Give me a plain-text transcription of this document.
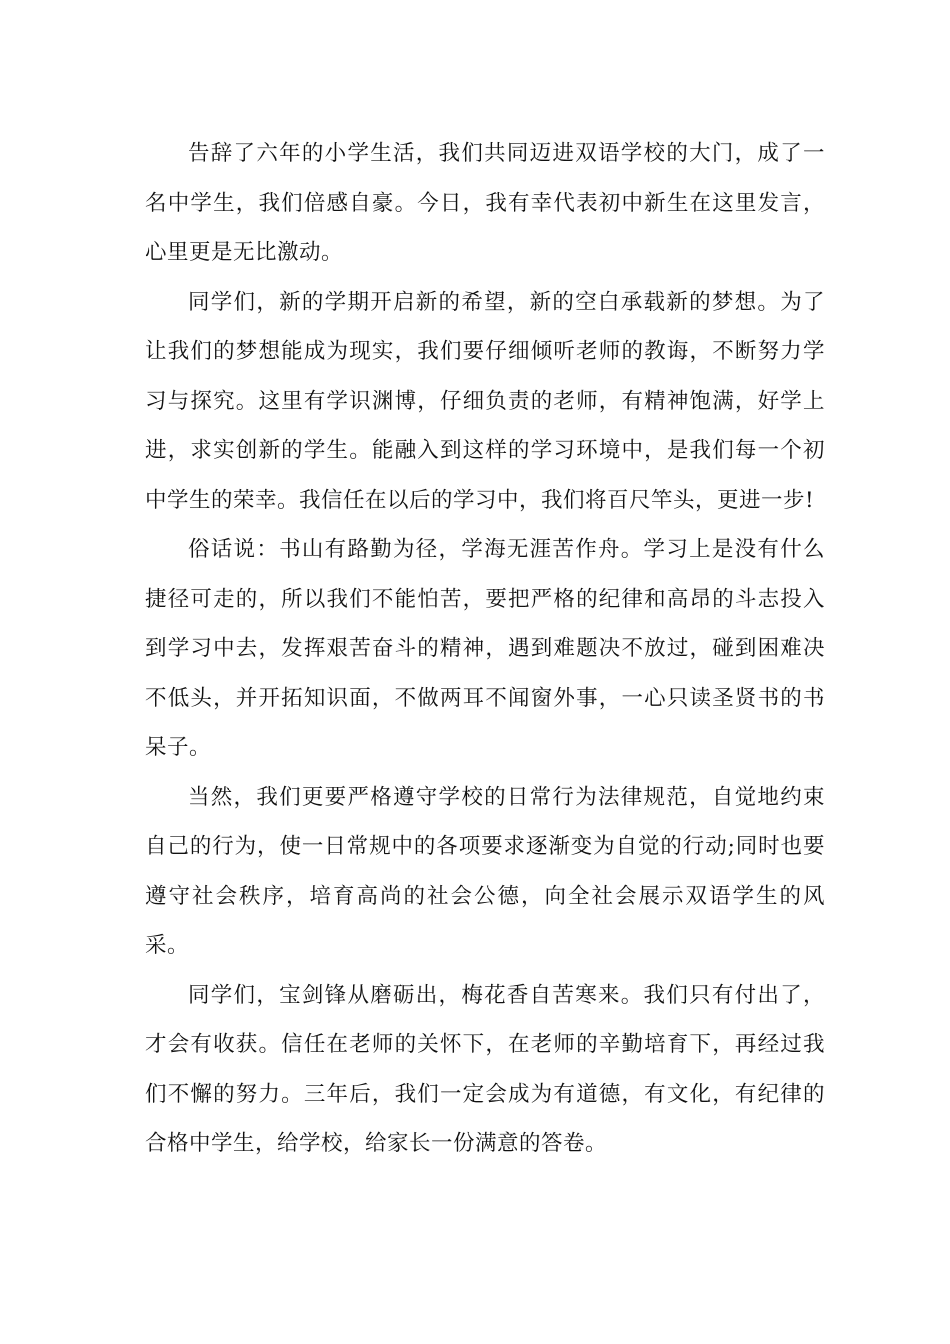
告辞了六年的小学生活，我们共同迈进双语学校的大门，成了一名中学生，我们倍感自豪。今日，我有幸代表初中新生在这里发言，心里更是无比激动。

同学们，新的学期开启新的希望，新的空白承载新的梦想。为了让我们的梦想能成为现实，我们要仔细倾听老师的教诲，不断努力学习与探究。这里有学识渊博，仔细负责的老师，有精神饱满，好学上进，求实创新的学生。能融入到这样的学习环境中，是我们每一个初中学生的荣幸。我信任在以后的学习中，我们将百尺竿头，更进一步!

俗话说：书山有路勤为径，学海无涯苦作舟。学习上是没有什么捷径可走的，所以我们不能怕苦，要把严格的纪律和高昂的斗志投入到学习中去，发挥艰苦奋斗的精神，遇到难题决不放过，碰到困难决不低头，并开拓知识面，不做两耳不闻窗外事，一心只读圣贤书的书呆子。

当然，我们更要严格遵守学校的日常行为法律规范，自觉地约束自己的行为，使一日常规中的各项要求逐渐变为自觉的行动;同时也要遵守社会秩序，培育高尚的社会公德，向全社会展示双语学生的风采。

同学们，宝剑锋从磨砺出，梅花香自苦寒来。我们只有付出了，才会有收获。信任在老师的关怀下，在老师的辛勤培育下，再经过我们不懈的努力。三年后，我们一定会成为有道德，有文化，有纪律的合格中学生，给学校，给家长一份满意的答卷。
